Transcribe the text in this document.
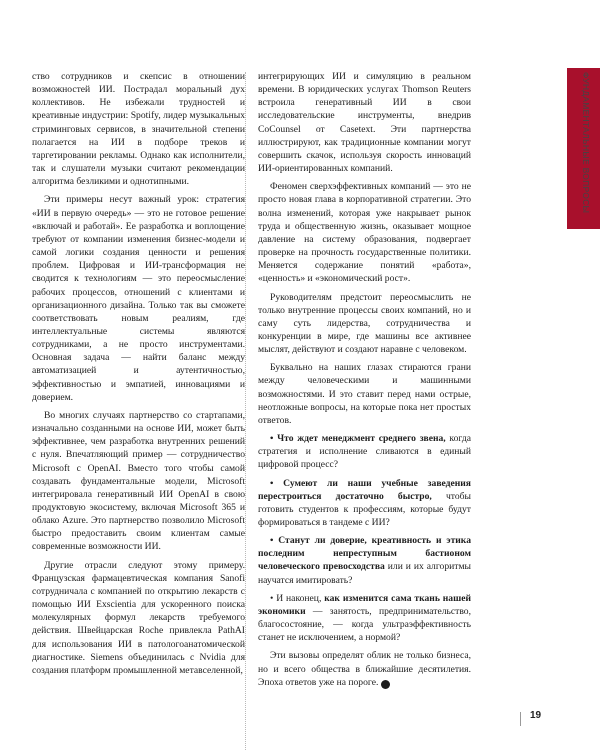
ФУНДАМЕНТАЛЬНЫЕ ВОПРОСЫ

ство сотрудников и скепсис в отношении возможностей ИИ. Пострадал моральный дух коллективов. Не избежали трудностей и креативные индустрии: Spotify, лидер музыкальных стриминговых сервисов, в значительной степени полагается на ИИ в подборе треков и таргетировании рекламы. Однако как исполнители, так и слушатели музыки считают рекомендации алгоритма безликими и однотипными.

Эти примеры несут важный урок: стратегия «ИИ в первую очередь» — это не готовое решение «включай и работай». Ее разработка и воплощение требуют от компании изменения бизнес-модели и самой логики создания ценности и решения проблем. Цифровая и ИИ-трансформация не сводится к технологиям — это переосмысление рабочих процессов, отношений с клиентами и организационного дизайна. Только так вы сможете соответствовать новым реалиям, где интеллектуальные системы являются сотрудниками, а не просто инструментами. Основная задача — найти баланс между автоматизацией и аутентичностью, эффективностью и эмпатией, инновациями и доверием.

Во многих случаях партнерство со стартапами, изначально созданными на основе ИИ, может быть эффективнее, чем разработка внутренних решений с нуля. Впечатляющий пример — сотрудничество Microsoft с OpenAI. Вместо того чтобы самой создавать фундаментальные модели, Microsoft интегрировала генеративный ИИ OpenAI в свою продуктовую экосистему, включая Microsoft 365 и облако Azure. Это партнерство позволило Microsoft быстро предоставить своим клиентам самые современные возможности ИИ.

Другие отрасли следуют этому примеру. Французская фармацевтическая компания Sanofi сотрудничала с компанией по открытию лекарств с помощью ИИ Exscientia для ускоренного поиска молекулярных формул лекарств требуемого действия. Швейцарская Roche привлекла PathAI для использования ИИ в патологоанатомической диагностике. Siemens объединилась с Nvidia для создания платформ промышленной метавселенной,

интегрирующих ИИ и симуляцию в реальном времени. В юридических услугах Thomson Reuters встроила генеративный ИИ в свои исследовательские инструменты, внедрив CoCounsel от Casetext. Эти партнерства иллюстрируют, как традиционные компании могут совершить скачок, используя скорость инноваций ИИ-ориентированных компаний.

Феномен сверхэффективных компаний — это не просто новая глава в корпоративной стратегии. Это волна изменений, которая уже накрывает рынок труда и общественную жизнь, оказывает мощное давление на систему образования, подвергает проверке на прочность государственные политики. Меняется содержание понятий «работа», «ценность» и «экономический рост».

Руководителям предстоит переосмыслить не только внутренние процессы своих компаний, но и саму суть лидерства, сотрудничества и конкуренции в мире, где машины все активнее мыслят, действуют и создают наравне с человеком.

Буквально на наших глазах стираются грани между человеческими и машинными возможностями. И это ставит перед нами острые, неотложные вопросы, на которые пока нет простых ответов.

• Что ждет менеджмент среднего звена, когда стратегия и исполнение сливаются в единый цифровой процесс?

• Сумеют ли наши учебные заведения перестроиться достаточно быстро, чтобы готовить студентов к профессиям, которые будут формироваться в тандеме с ИИ?

• Станут ли доверие, креативность и этика последним непреступным бастионом человеческого превосходства или и их алгоритмы научатся имитировать?

• И наконец, как изменится сама ткань нашей экономики — занятость, предпринимательство, благосостояние, — когда ультраэффективность станет не исключением, а нормой?

Эти вызовы определят облик не только бизнеса, но и всего общества в ближайшие десятилетия. Эпоха ответов уже на пороге. ✓

19
